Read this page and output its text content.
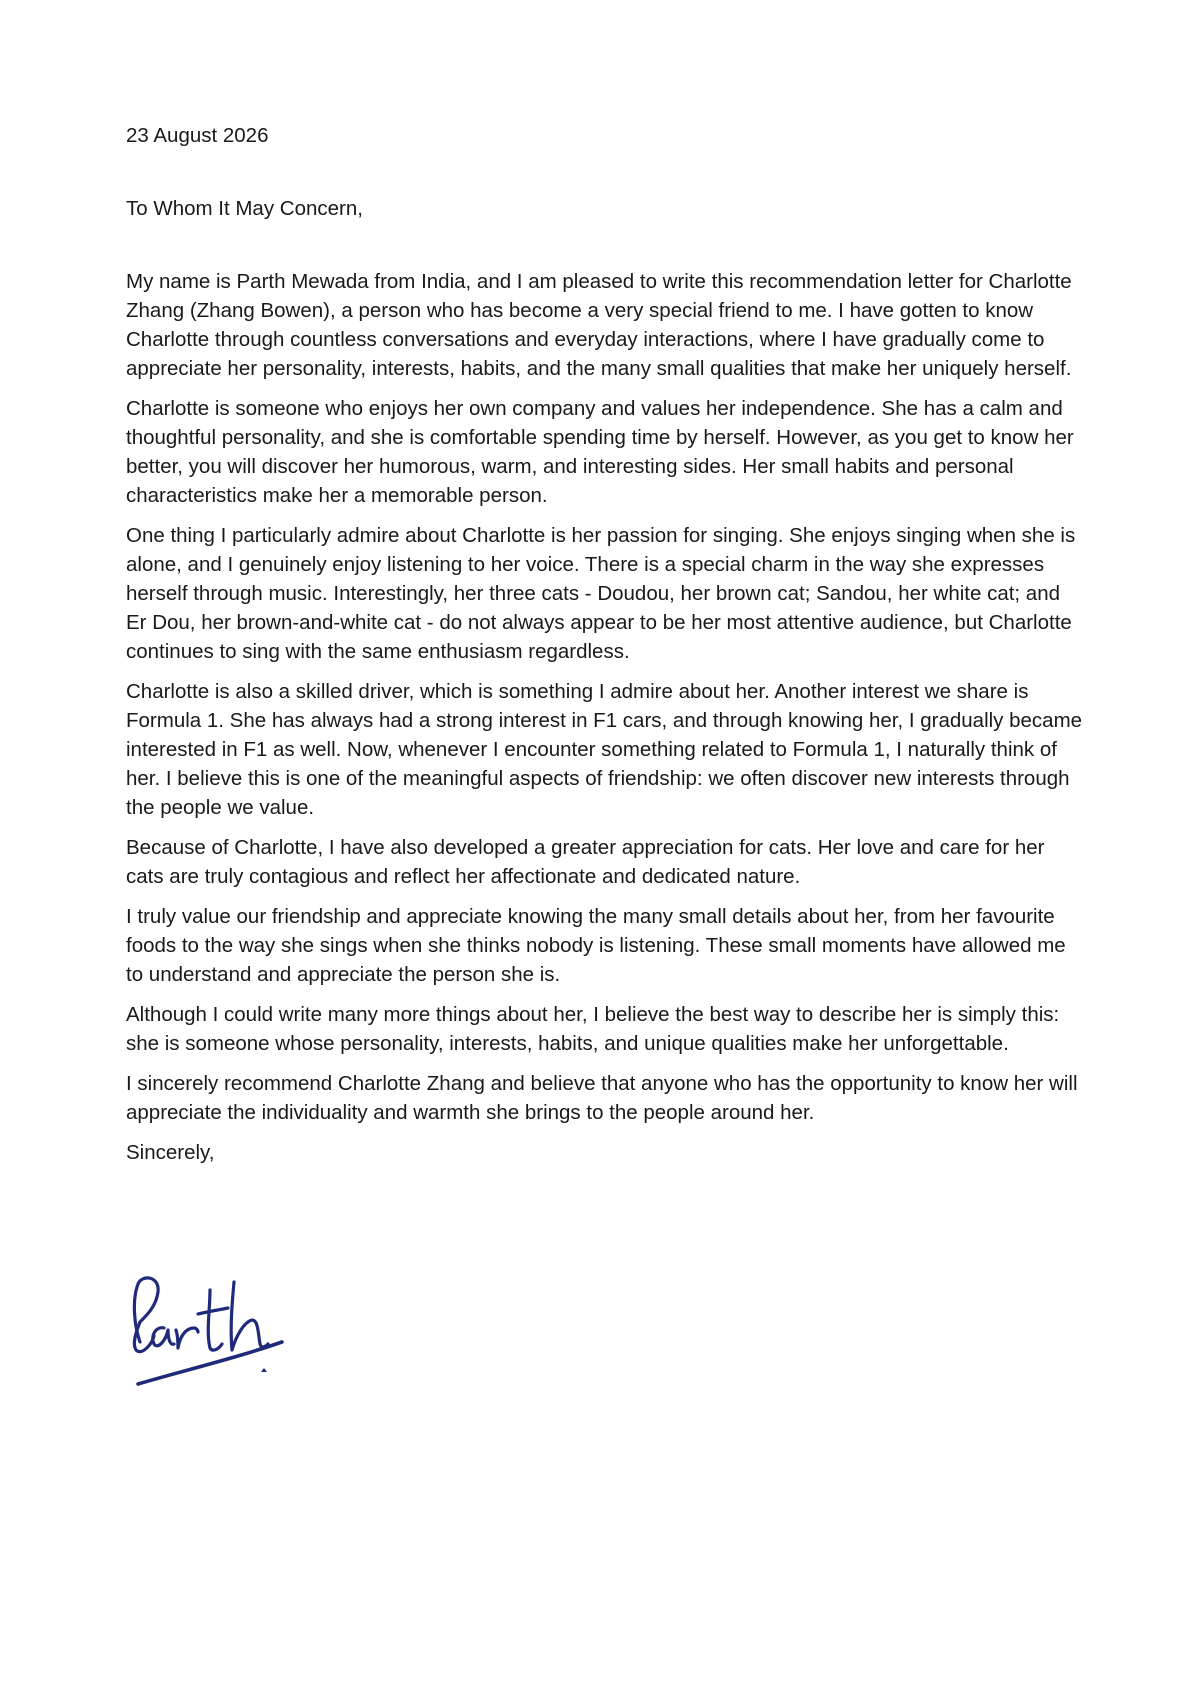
23 August 2026

To Whom It May Concern,

My name is Parth Mewada from India, and I am pleased to write this recommendation letter for Charlotte Zhang (Zhang Bowen), a person who has become a very special friend to me. I have gotten to know Charlotte through countless conversations and everyday interactions, where I have gradually come to appreciate her personality, interests, habits, and the many small qualities that make her uniquely herself.

Charlotte is someone who enjoys her own company and values her independence. She has a calm and thoughtful personality, and she is comfortable spending time by herself. However, as you get to know her better, you will discover her humorous, warm, and interesting sides. Her small habits and personal characteristics make her a memorable person.

One thing I particularly admire about Charlotte is her passion for singing. She enjoys singing when she is alone, and I genuinely enjoy listening to her voice. There is a special charm in the way she expresses herself through music. Interestingly, her three cats - Doudou, her brown cat; Sandou, her white cat; and Er Dou, her brown-and-white cat - do not always appear to be her most attentive audience, but Charlotte continues to sing with the same enthusiasm regardless.

Charlotte is also a skilled driver, which is something I admire about her. Another interest we share is Formula 1. She has always had a strong interest in F1 cars, and through knowing her, I gradually became interested in F1 as well. Now, whenever I encounter something related to Formula 1, I naturally think of her. I believe this is one of the meaningful aspects of friendship: we often discover new interests through the people we value.

Because of Charlotte, I have also developed a greater appreciation for cats. Her love and care for her cats are truly contagious and reflect her affectionate and dedicated nature.

I truly value our friendship and appreciate knowing the many small details about her, from her favourite foods to the way she sings when she thinks nobody is listening. These small moments have allowed me to understand and appreciate the person she is.

Although I could write many more things about her, I believe the best way to describe her is simply this: she is someone whose personality, interests, habits, and unique qualities make her unforgettable.

I sincerely recommend Charlotte Zhang and believe that anyone who has the opportunity to know her will appreciate the individuality and warmth she brings to the people around her.

Sincerely,
